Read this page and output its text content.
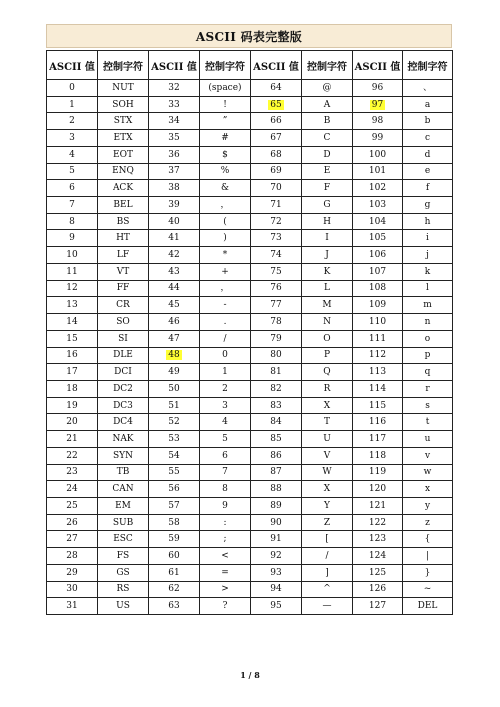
ASCII 码表完整版
ASCII 值	控制字符	ASCII 值	控制字符	ASCII 值	控制字符	ASCII 值	控制字符
0	NUT	32	(space)	64	@	96	、
1	SOH	33	!	65	A	97	a
2	STX	34	”	66	B	98	b
3	ETX	35	#	67	C	99	c
4	EOT	36	$	68	D	100	d
5	ENQ	37	%	69	E	101	e
6	ACK	38	&	70	F	102	f
7	BEL	39	，	71	G	103	g
8	BS	40	(	72	H	104	h
9	HT	41	)	73	I	105	i
10	LF	42	*	74	J	106	j
11	VT	43	+	75	K	107	k
12	FF	44	，	76	L	108	l
13	CR	45	-	77	M	109	m
14	SO	46	.	78	N	110	n
15	SI	47	/	79	O	111	o
16	DLE	48	0	80	P	112	p
17	DCI	49	1	81	Q	113	q
18	DC2	50	2	82	R	114	r
19	DC3	51	3	83	X	115	s
20	DC4	52	4	84	T	116	t
21	NAK	53	5	85	U	117	u
22	SYN	54	6	86	V	118	v
23	TB	55	7	87	W	119	w
24	CAN	56	8	88	X	120	x
25	EM	57	9	89	Y	121	y
26	SUB	58	:	90	Z	122	z
27	ESC	59	;	91	[	123	{
28	FS	60	<	92	/	124	|
29	GS	61	=	93	]	125	}
30	RS	62	>	94	^	126	~
31	US	63	?	95	—	127	DEL
1 / 8
